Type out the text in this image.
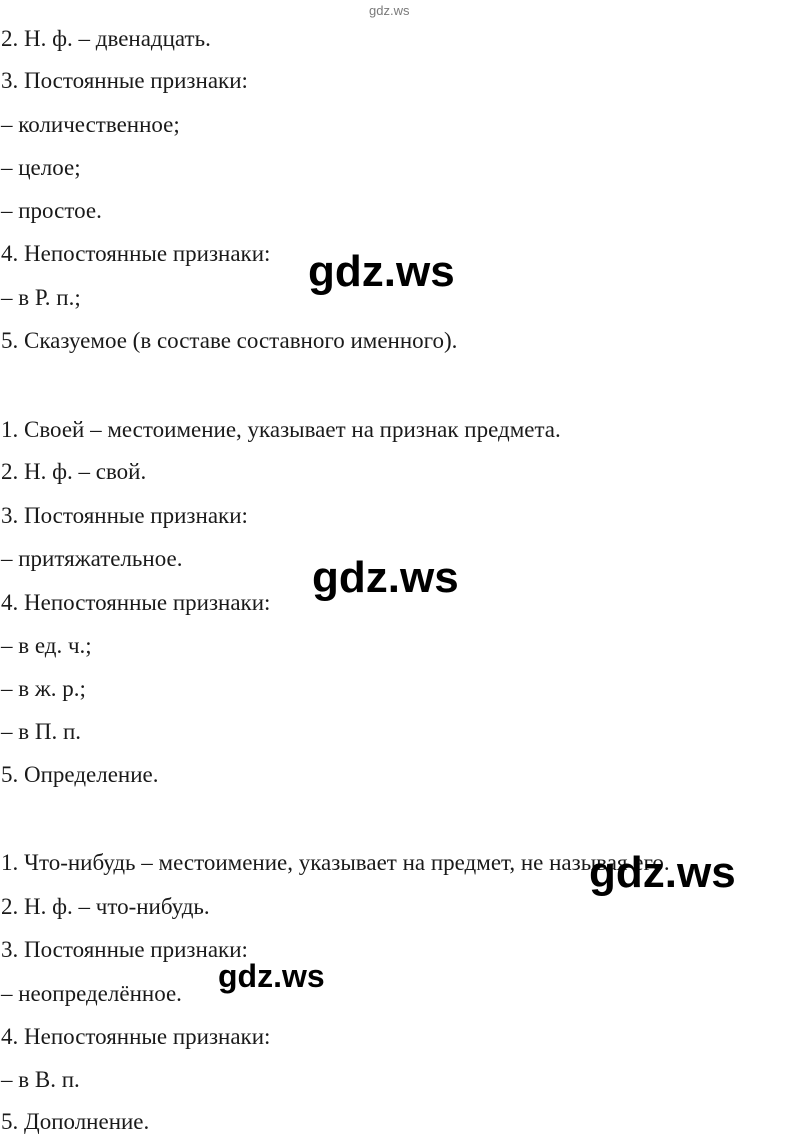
gdz.ws
2. Н. ф. – двенадцать.
3. Постоянные признаки:
– количественное;
– целое;
– простое.
4. Непостоянные признаки:
– в Р. п.;
5. Сказуемое (в составе составного именного).
1. Своей – местоимение, указывает на признак предмета.
2. Н. ф. – свой.
3. Постоянные признаки:
– притяжательное.
4. Непостоянные признаки:
– в ед. ч.;
– в ж. р.;
– в П. п.
5. Определение.
1. Что-нибудь – местоимение, указывает на предмет, не называя его.
2. Н. ф. – что-нибудь.
3. Постоянные признаки:
– неопределённое.
4. Непостоянные признаки:
– в В. п.
5. Дополнение.
gdz.ws
gdz.ws
gdz.ws
gdz.ws
